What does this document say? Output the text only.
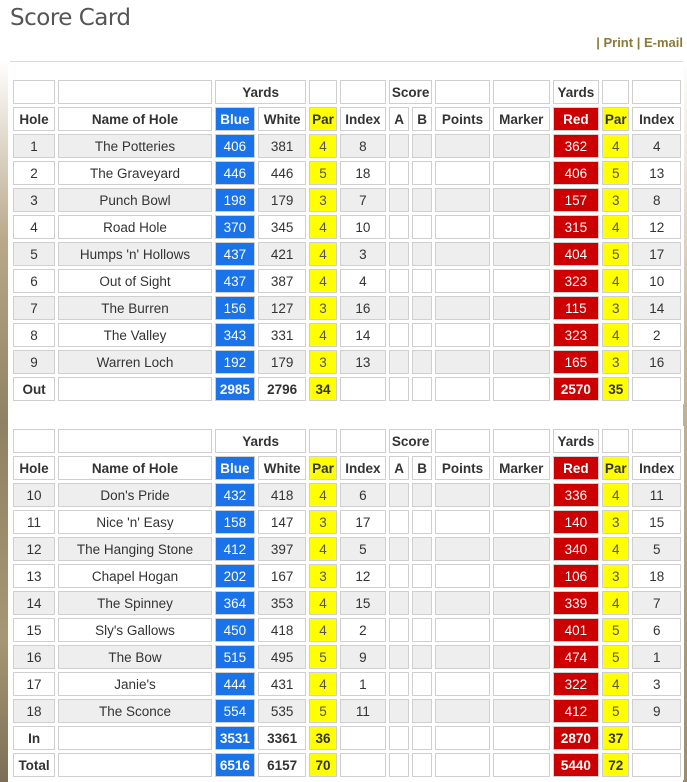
Score Card
| Print | E-mail
		Yards				Score				Yards		
Hole	Name of Hole	Blue	White	Par	Index	A	B	Points	Marker	Red	Par	Index
1	The Potteries	406	381	4	8					362	4	4
2	The Graveyard	446	446	5	18					406	5	13
3	Punch Bowl	198	179	3	7					157	3	8
4	Road Hole	370	345	4	10					315	4	12
5	Humps 'n' Hollows	437	421	4	3					404	5	17
6	Out of Sight	437	387	4	4					323	4	10
7	The Burren	156	127	3	16					115	3	14
8	The Valley	343	331	4	14					323	4	2
9	Warren Loch	192	179	3	13					165	3	16
Out		2985	2796	34						2570	35	
		Yards				Score				Yards		
Hole	Name of Hole	Blue	White	Par	Index	A	B	Points	Marker	Red	Par	Index
10	Don's Pride	432	418	4	6					336	4	11
11	Nice 'n' Easy	158	147	3	17					140	3	15
12	The Hanging Stone	412	397	4	5					340	4	5
13	Chapel Hogan	202	167	3	12					106	3	18
14	The Spinney	364	353	4	15					339	4	7
15	Sly's Gallows	450	418	4	2					401	5	6
16	The Bow	515	495	5	9					474	5	1
17	Janie's	444	431	4	1					322	4	3
18	The Sconce	554	535	5	11					412	5	9
In		3531	3361	36						2870	37	
Total		6516	6157	70						5440	72	
